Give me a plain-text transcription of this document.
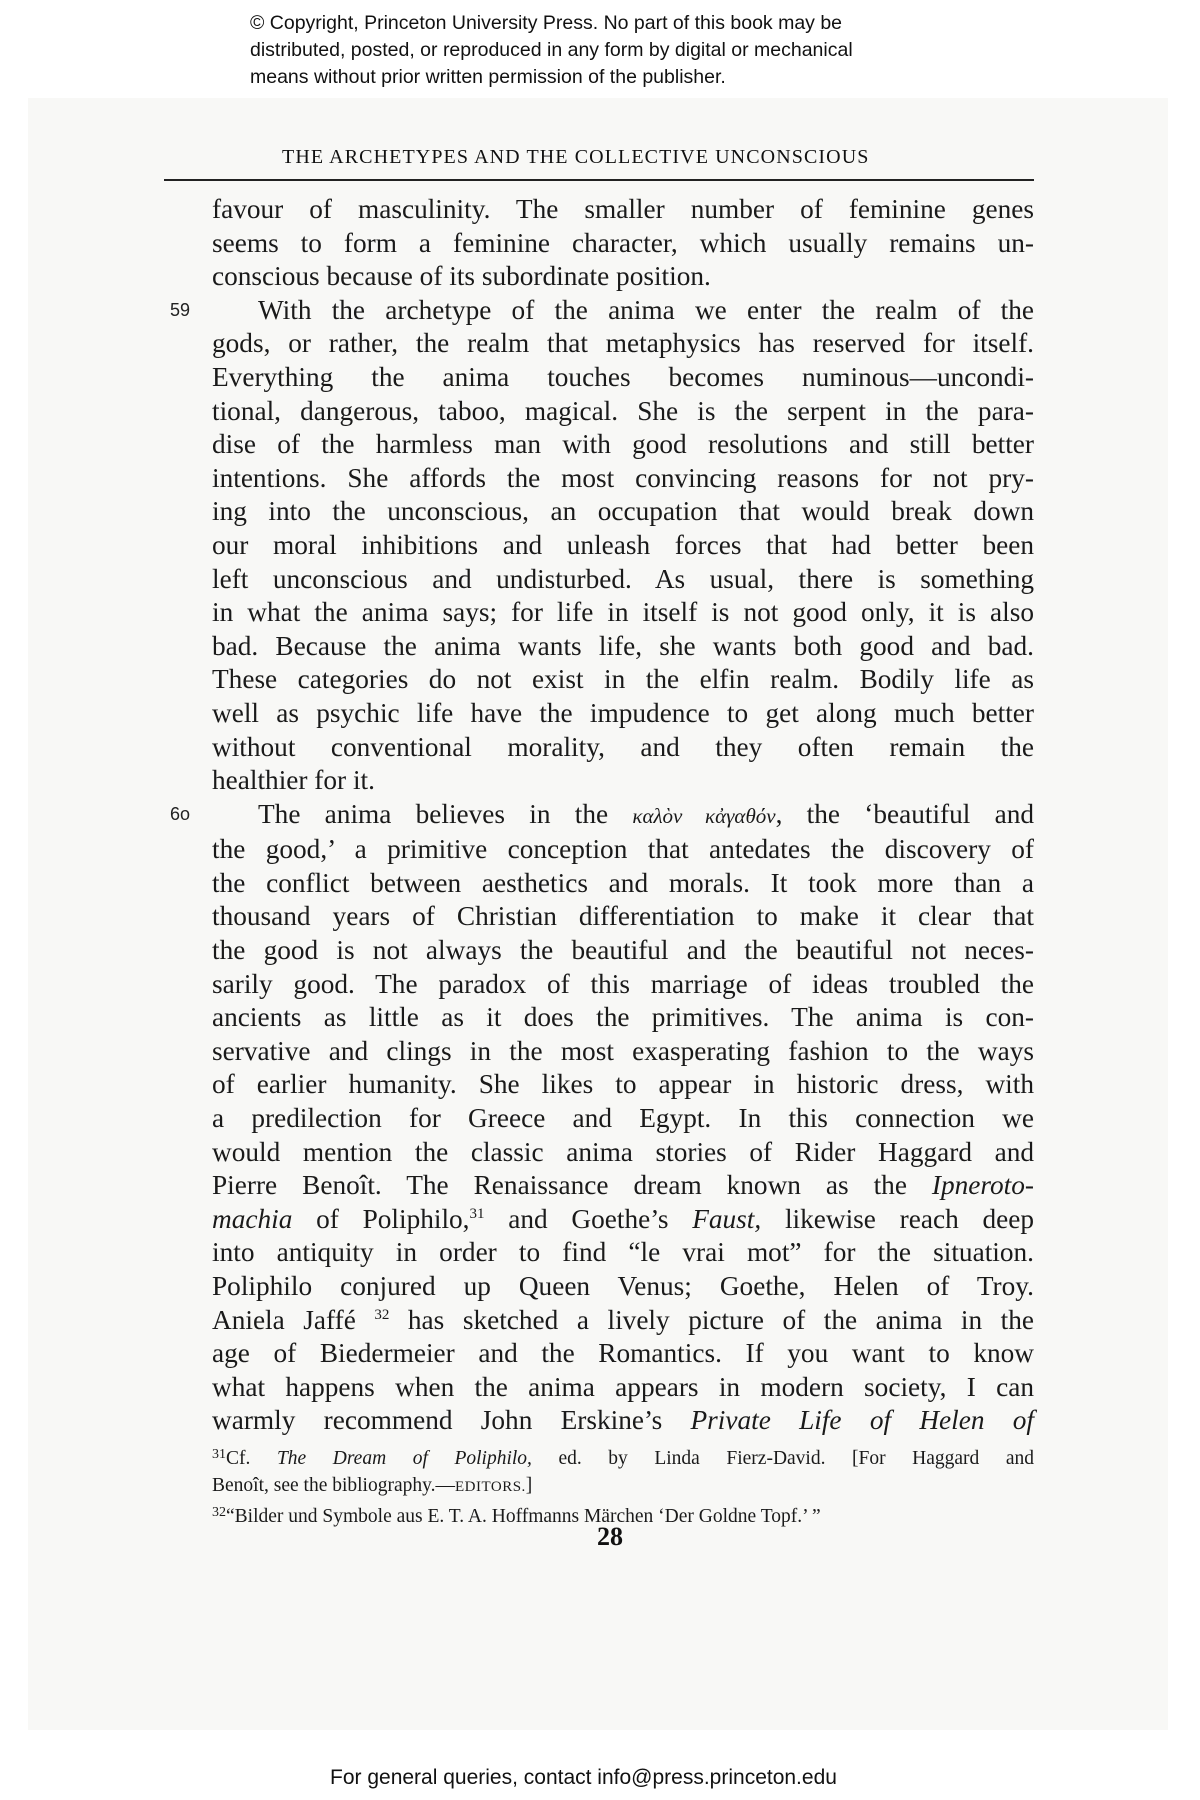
© Copyright, Princeton University Press. No part of this book may be
distributed, posted, or reproduced in any form by digital or mechanical
means without prior written permission of the publisher.
THE ARCHETYPES AND THE COLLECTIVE UNCONSCIOUS
favour of masculinity. The smaller number of feminine genes
seems to form a feminine character, which usually remains un-
conscious because of its subordinate position.
59 With the archetype of the anima we enter the realm of the
gods, or rather, the realm that metaphysics has reserved for itself.
Everything the anima touches becomes numinous—uncondi-
tional, dangerous, taboo, magical. She is the serpent in the para-
dise of the harmless man with good resolutions and still better
intentions. She affords the most convincing reasons for not pry-
ing into the unconscious, an occupation that would break down
our moral inhibitions and unleash forces that had better been
left unconscious and undisturbed. As usual, there is something
in what the anima says; for life in itself is not good only, it is also
bad. Because the anima wants life, she wants both good and bad.
These categories do not exist in the elfin realm. Bodily life as
well as psychic life have the impudence to get along much better
without conventional morality, and they often remain the
healthier for it.
6o The anima believes in the καλὸν κἀγαθόν, the ‘beautiful and
the good,’ a primitive conception that antedates the discovery of
the conflict between aesthetics and morals. It took more than a
thousand years of Christian differentiation to make it clear that
the good is not always the beautiful and the beautiful not neces-
sarily good. The paradox of this marriage of ideas troubled the
ancients as little as it does the primitives. The anima is con-
servative and clings in the most exasperating fashion to the ways
of earlier humanity. She likes to appear in historic dress, with
a predilection for Greece and Egypt. In this connection we
would mention the classic anima stories of Rider Haggard and
Pierre Benoît. The Renaissance dream known as the Ipneroto-
machia of Poliphilo,$^{31}$ and Goethe’s Faust, likewise reach deep
into antiquity in order to find “le vrai mot” for the situation.
Poliphilo conjured up Queen Venus; Goethe, Helen of Troy.
Aniela Jaffé $^{32}$ has sketched a lively picture of the anima in the
age of Biedermeier and the Romantics. If you want to know
what happens when the anima appears in modern society, I can
warmly recommend John Erskine’s Private Life of Helen of
$^{31}$Cf. The Dream of Poliphilo, ed. by Linda Fierz-David. [For Haggard and
Benoît, see the bibliography.—EDITORS.]
$^{32}$“Bilder und Symbole aus E. T. A. Hoffmanns Märchen ‘Der Goldne Topf.’ ”
28
For general queries, contact info@press.princeton.edu
